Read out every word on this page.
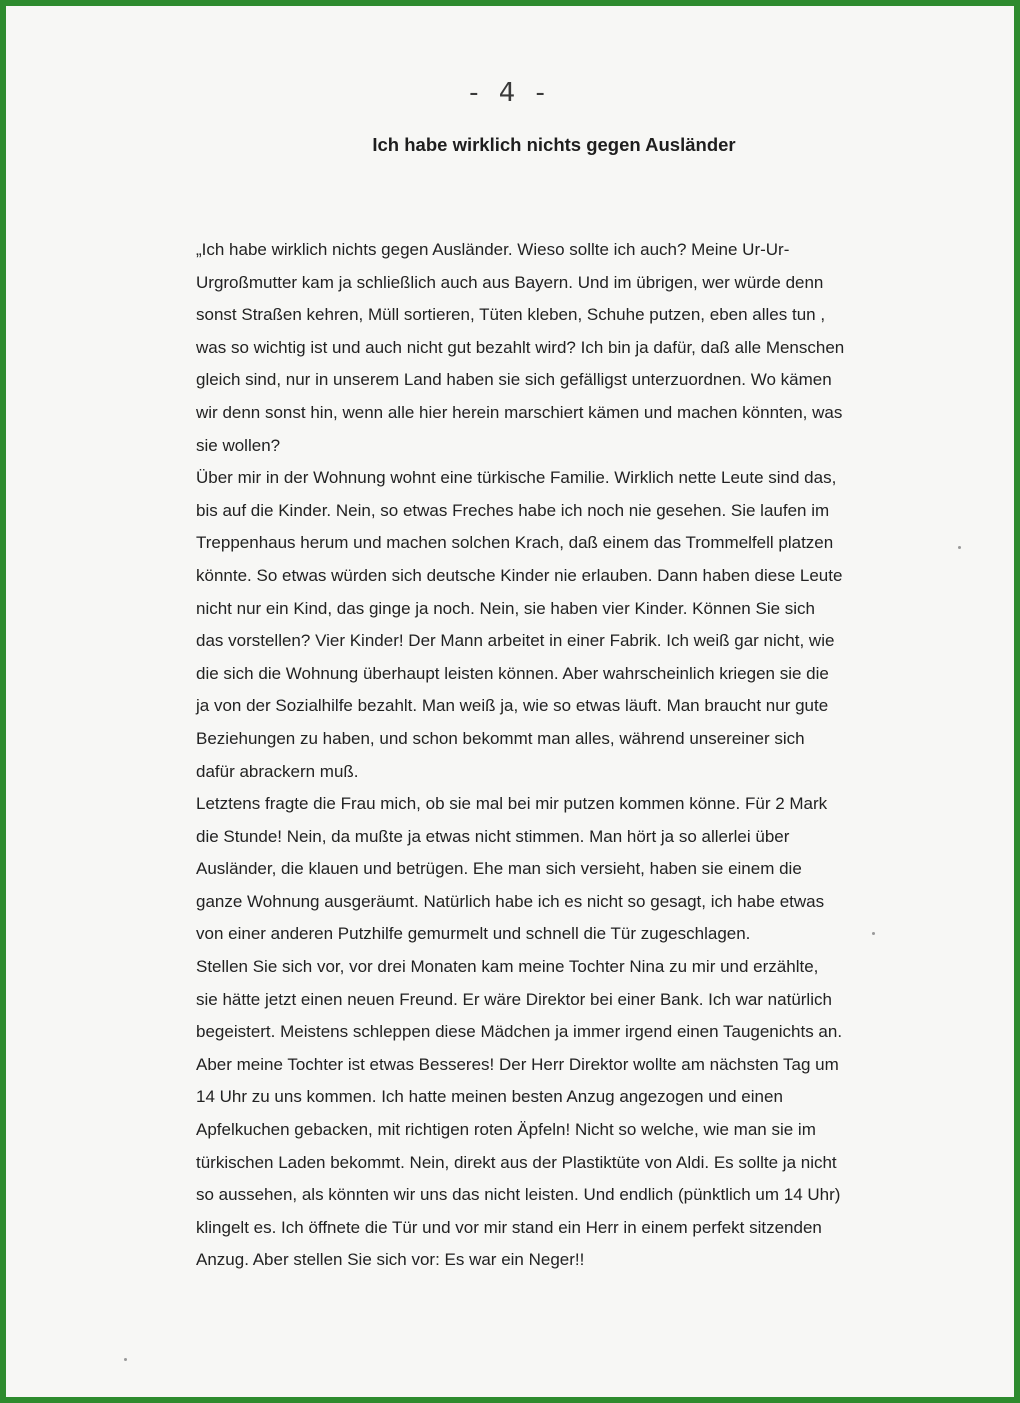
- 4 -
Ich habe wirklich nichts gegen Ausländer
„Ich habe wirklich nichts gegen Ausländer. Wieso sollte ich auch? Meine Ur-Ur-
Urgroßmutter kam ja schließlich auch aus Bayern. Und im übrigen, wer würde denn
sonst Straßen kehren, Müll sortieren, Tüten kleben, Schuhe putzen, eben alles tun ,
was so wichtig ist und auch nicht gut bezahlt wird? Ich bin ja dafür, daß alle Menschen
gleich sind, nur in unserem Land haben sie sich gefälligst unterzuordnen. Wo kämen
wir denn sonst hin, wenn alle hier herein marschiert kämen und machen könnten, was
sie wollen?
Über mir in der Wohnung wohnt eine türkische Familie. Wirklich nette Leute sind das,
bis auf die Kinder. Nein, so etwas Freches habe ich noch nie gesehen. Sie laufen im
Treppenhaus herum und machen solchen Krach, daß einem das Trommelfell platzen
könnte. So etwas würden sich deutsche Kinder nie erlauben. Dann haben diese Leute
nicht nur ein Kind, das ginge ja noch. Nein, sie haben vier Kinder. Können Sie sich
das vorstellen? Vier Kinder! Der Mann arbeitet in einer Fabrik. Ich weiß gar nicht, wie
die sich die Wohnung überhaupt leisten können. Aber wahrscheinlich kriegen sie die
ja von der Sozialhilfe bezahlt. Man weiß ja, wie so etwas läuft. Man braucht nur gute
Beziehungen zu haben, und schon bekommt man alles, während unsereiner sich
dafür abrackern muß.
Letztens fragte die Frau mich, ob sie mal bei mir putzen kommen könne. Für 2 Mark
die Stunde! Nein, da mußte ja etwas nicht stimmen. Man hört ja so allerlei über
Ausländer, die klauen und betrügen. Ehe man sich versieht, haben sie einem die
ganze Wohnung ausgeräumt. Natürlich habe ich es nicht so gesagt, ich habe etwas
von einer anderen Putzhilfe gemurmelt und schnell die Tür zugeschlagen.
Stellen Sie sich vor, vor drei Monaten kam meine Tochter Nina zu mir und erzählte,
sie hätte jetzt einen neuen Freund. Er wäre Direktor bei einer Bank. Ich war natürlich
begeistert. Meistens schleppen diese Mädchen ja immer irgend einen Taugenichts an.
Aber meine Tochter ist etwas Besseres! Der Herr Direktor wollte am nächsten Tag um
14 Uhr zu uns kommen. Ich hatte meinen besten Anzug angezogen und einen
Apfelkuchen gebacken, mit richtigen roten Äpfeln! Nicht so welche, wie man sie im
türkischen Laden bekommt. Nein, direkt aus der Plastiktüte von Aldi. Es sollte ja nicht
so aussehen, als könnten wir uns das nicht leisten. Und endlich (pünktlich um 14 Uhr)
klingelt es. Ich öffnete die Tür und vor mir stand ein Herr in einem perfekt sitzenden
Anzug. Aber stellen Sie sich vor: Es war ein Neger!!
